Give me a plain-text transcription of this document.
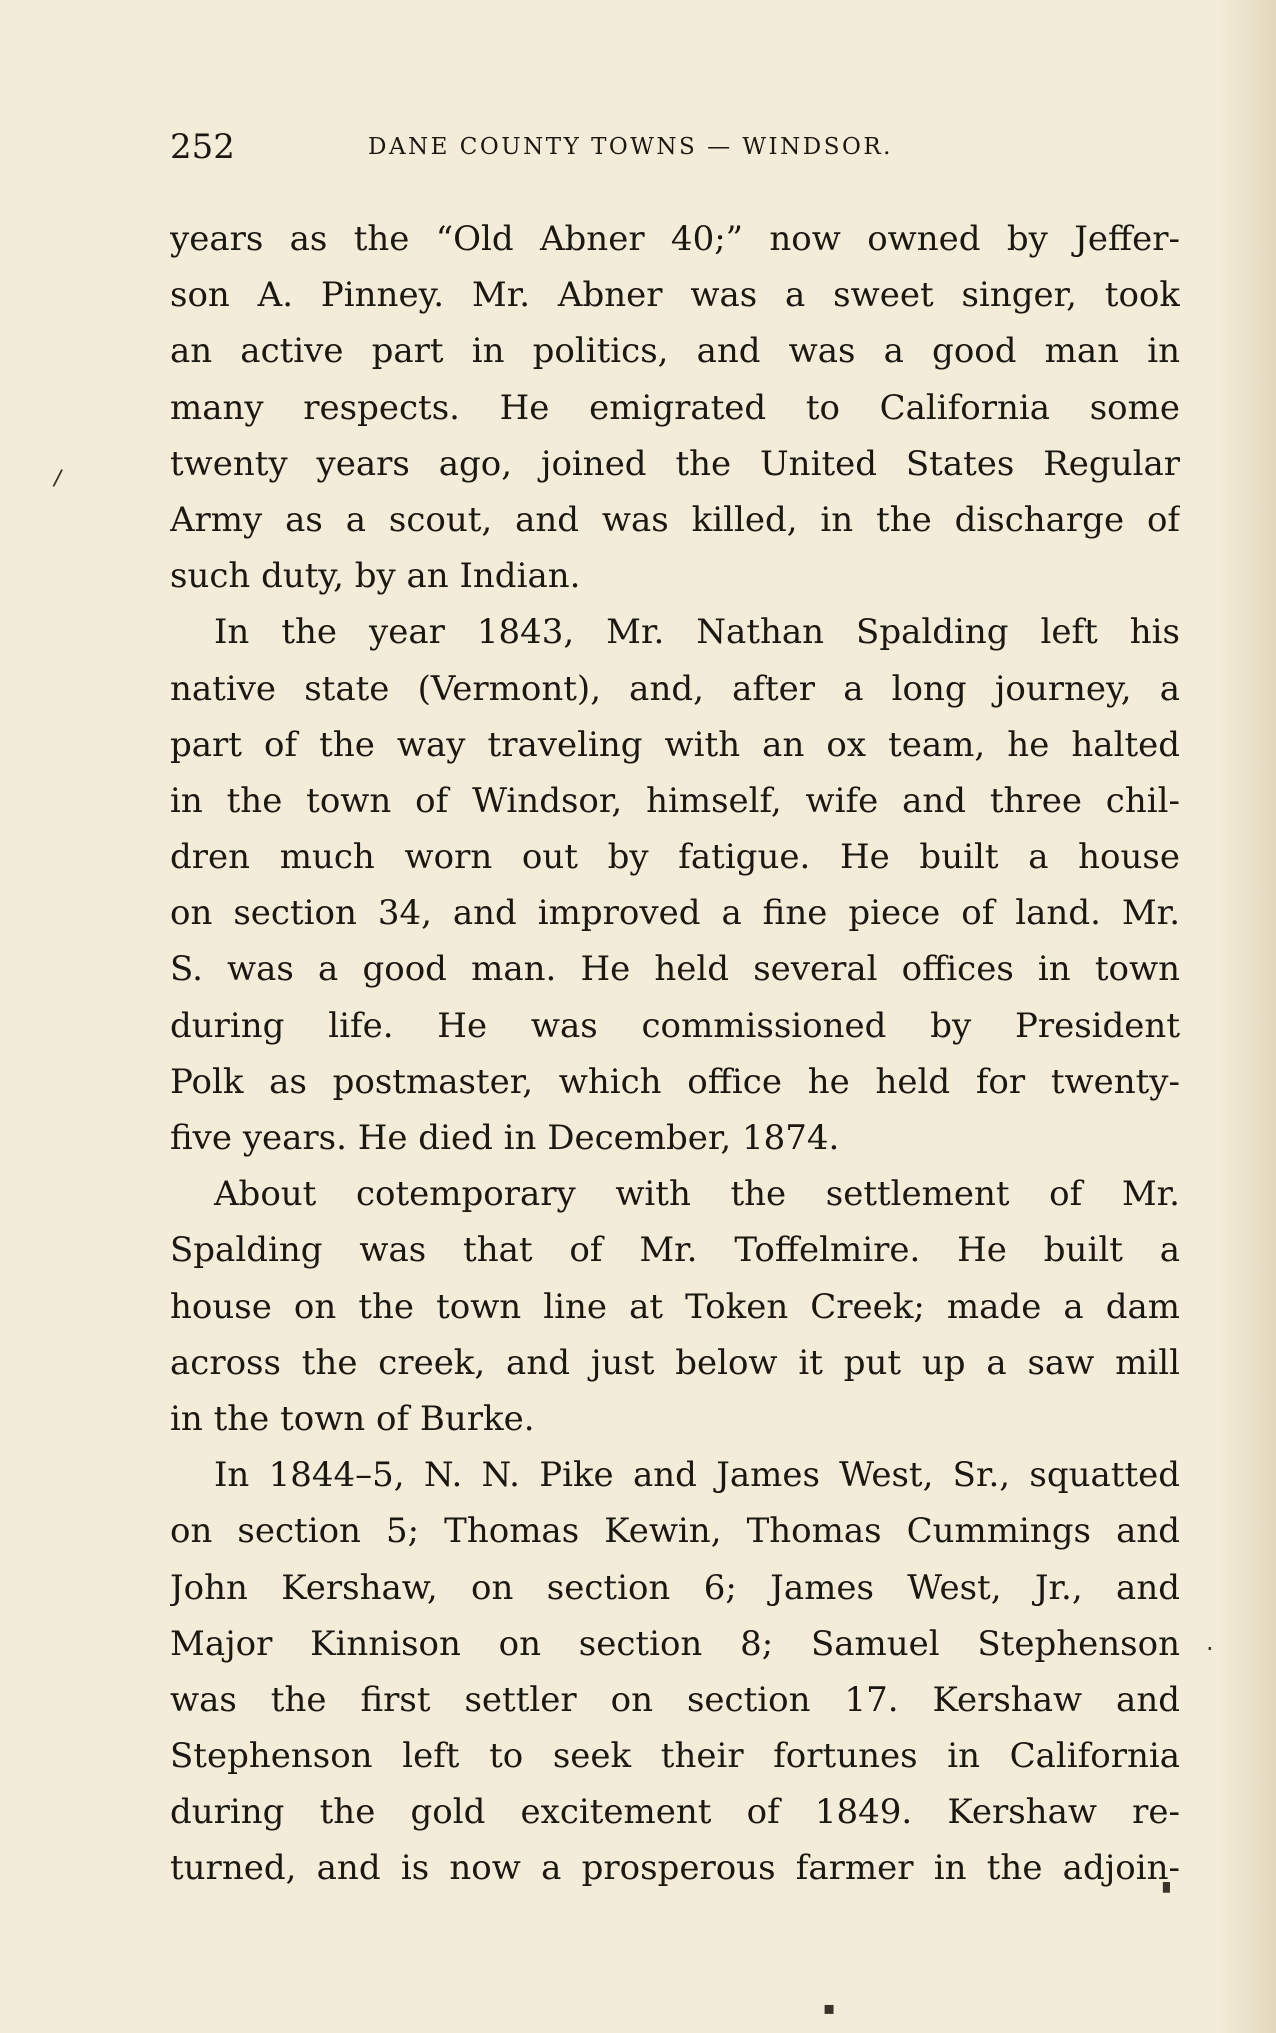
252	DANE COUNTY TOWNS — WINDSOR.
years as the “Old Abner 40;” now owned by Jeffer-
son A. Pinney. Mr. Abner was a sweet singer, took
an active part in politics, and was a good man in
many respects. He emigrated to California some
twenty years ago, joined the United States Regular
Army as a scout, and was killed, in the discharge of
such duty, by an Indian.
In the year 1843, Mr. Nathan Spalding left his
native state (Vermont), and, after a long journey, a
part of the way traveling with an ox team, he halted
in the town of Windsor, himself, wife and three chil-
dren much worn out by fatigue. He built a house
on section 34, and improved a fine piece of land. Mr.
S. was a good man. He held several offices in town
during life. He was commissioned by President
Polk as postmaster, which office he held for twenty-
five years. He died in December, 1874.
About cotemporary with the settlement of Mr.
Spalding was that of Mr. Toffelmire. He built a
house on the town line at Token Creek; made a dam
across the creek, and just below it put up a saw mill
in the town of Burke.
In 1844–5, N. N. Pike and James West, Sr., squatted
on section 5; Thomas Kewin, Thomas Cummings and
John Kershaw, on section 6; James West, Jr., and
Major Kinnison on section 8; Samuel Stephenson
was the first settler on section 17. Kershaw and
Stephenson left to seek their fortunes in California
during the gold excitement of 1849. Kershaw re-
turned, and is now a prosperous farmer in the adjoin-
/
.
▘
▪
